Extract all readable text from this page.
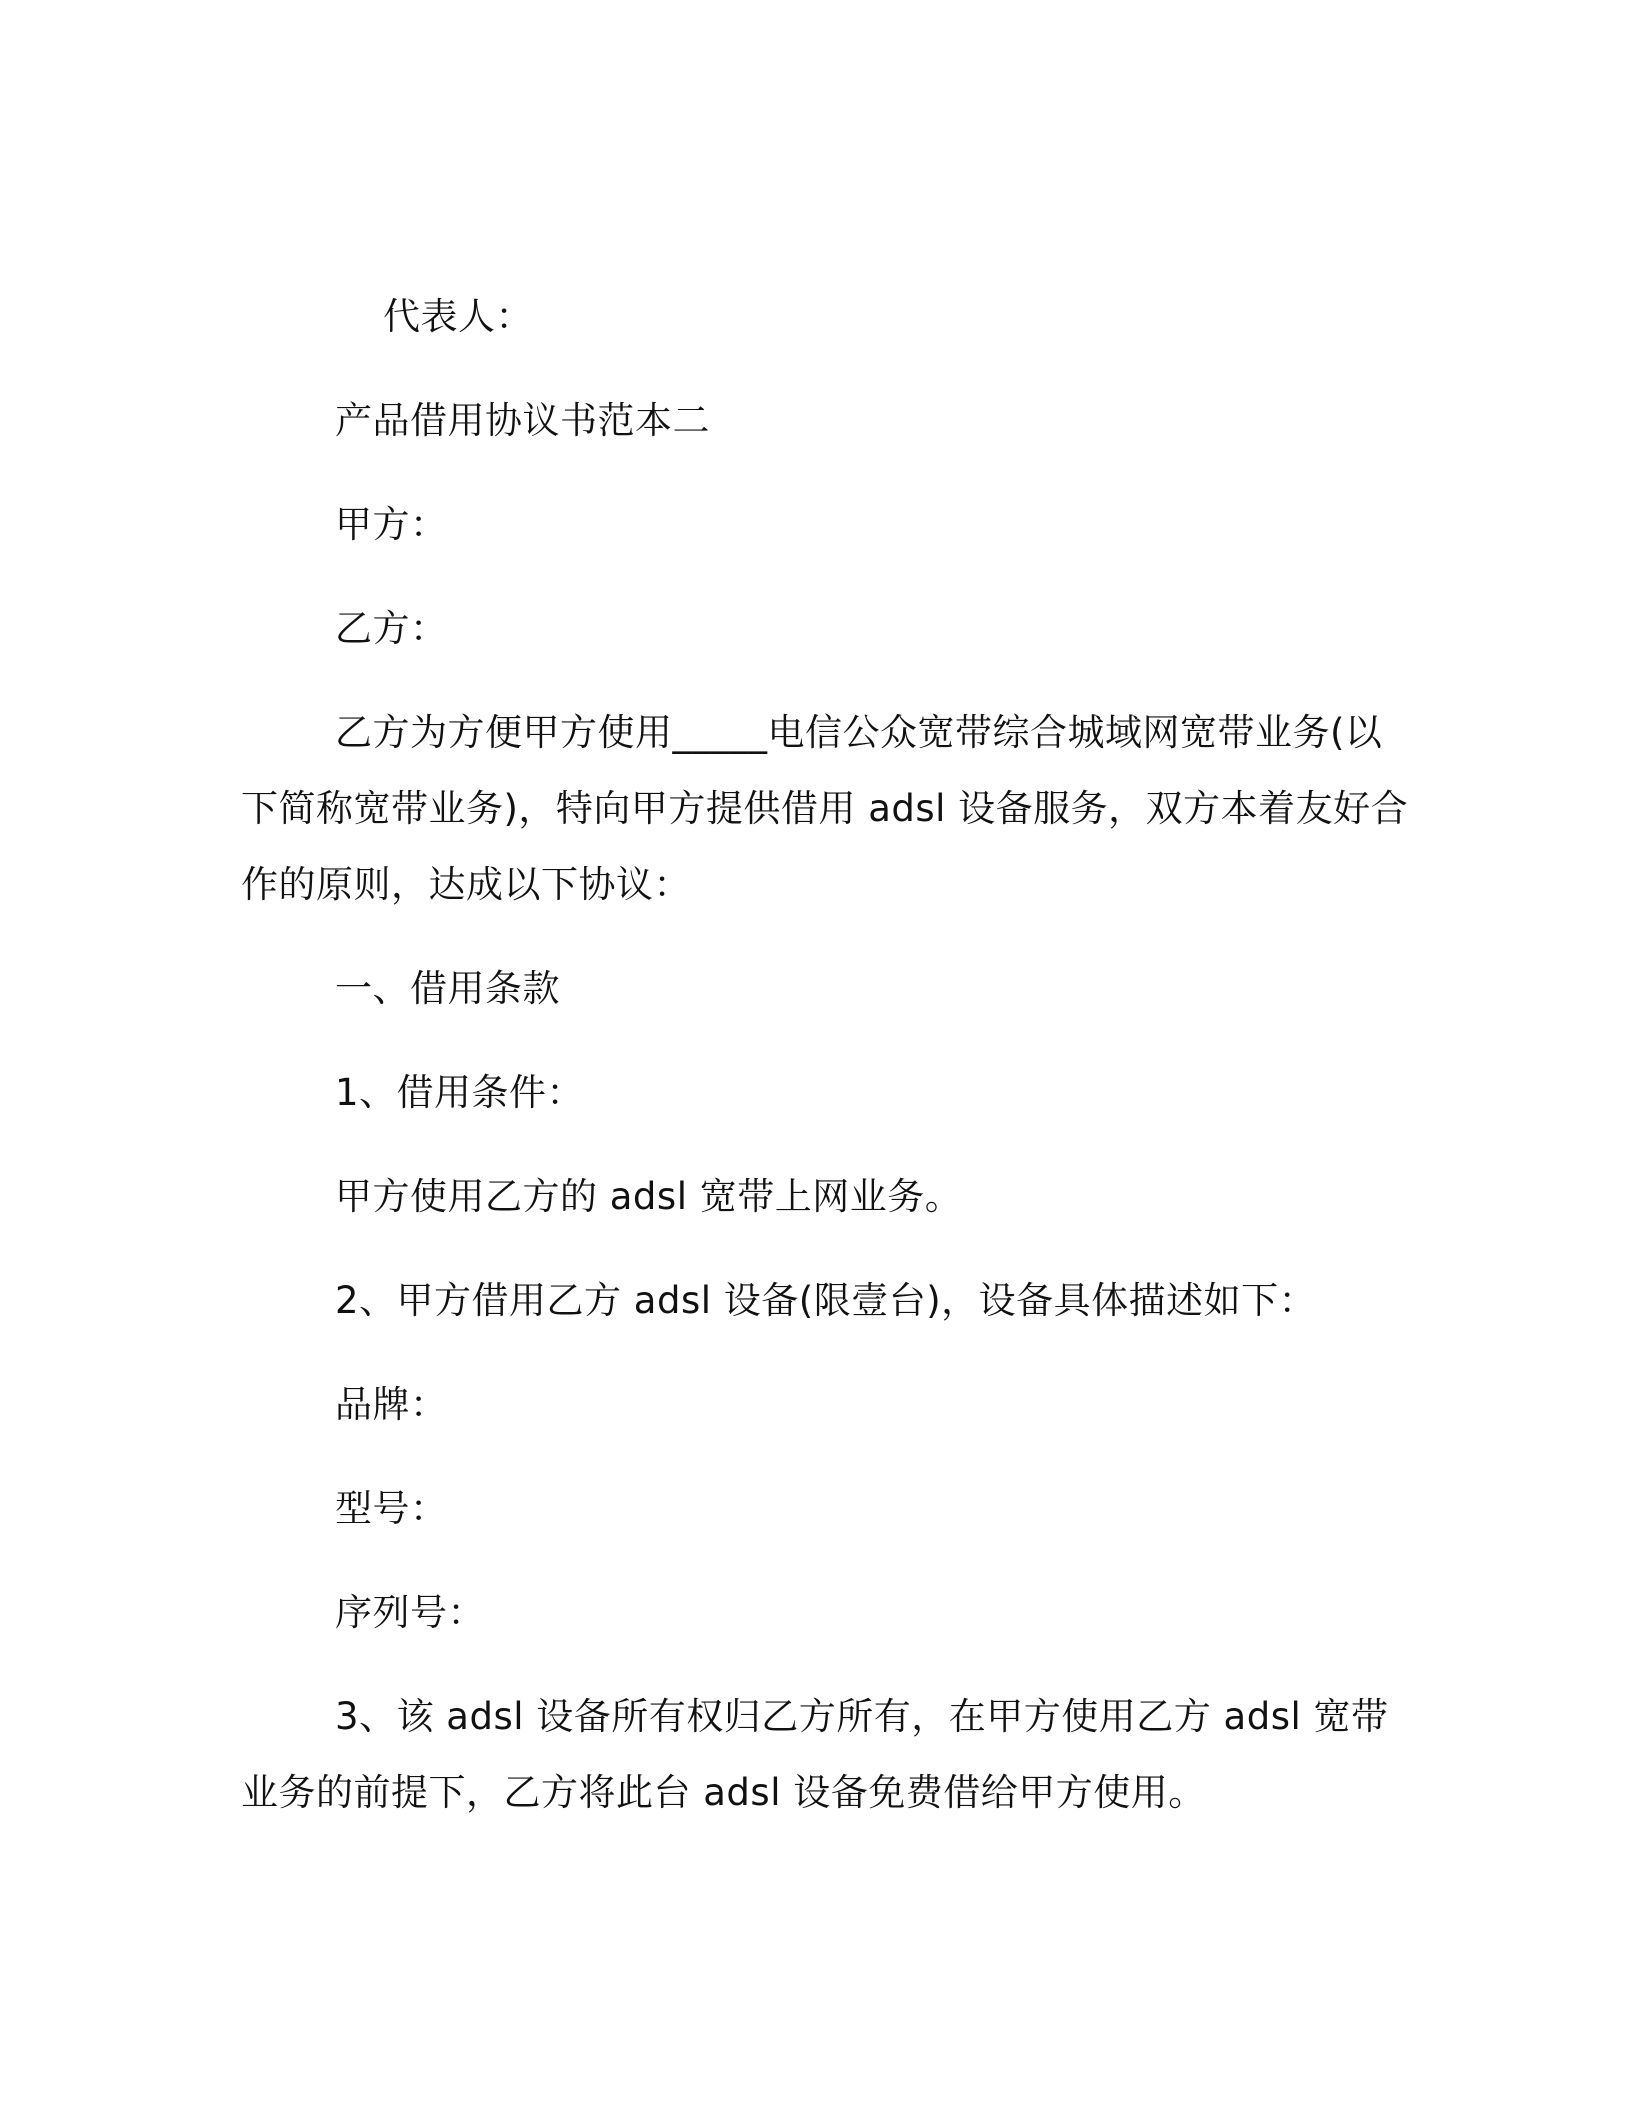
代表人：
产品借用协议书范本二
甲方：
乙方：
乙方为方便甲方使用_____电信公众宽带综合城域网宽带业务(以
下简称宽带业务)，特向甲方提供借用 adsl 设备服务，双方本着友好合
作的原则，达成以下协议：
一、借用条款
1、借用条件：
甲方使用乙方的 adsl 宽带上网业务。
2、甲方借用乙方 adsl 设备(限壹台)，设备具体描述如下：
品牌：
型号：
序列号：
3、该 adsl 设备所有权归乙方所有，在甲方使用乙方 adsl 宽带
业务的前提下，乙方将此台 adsl 设备免费借给甲方使用。
